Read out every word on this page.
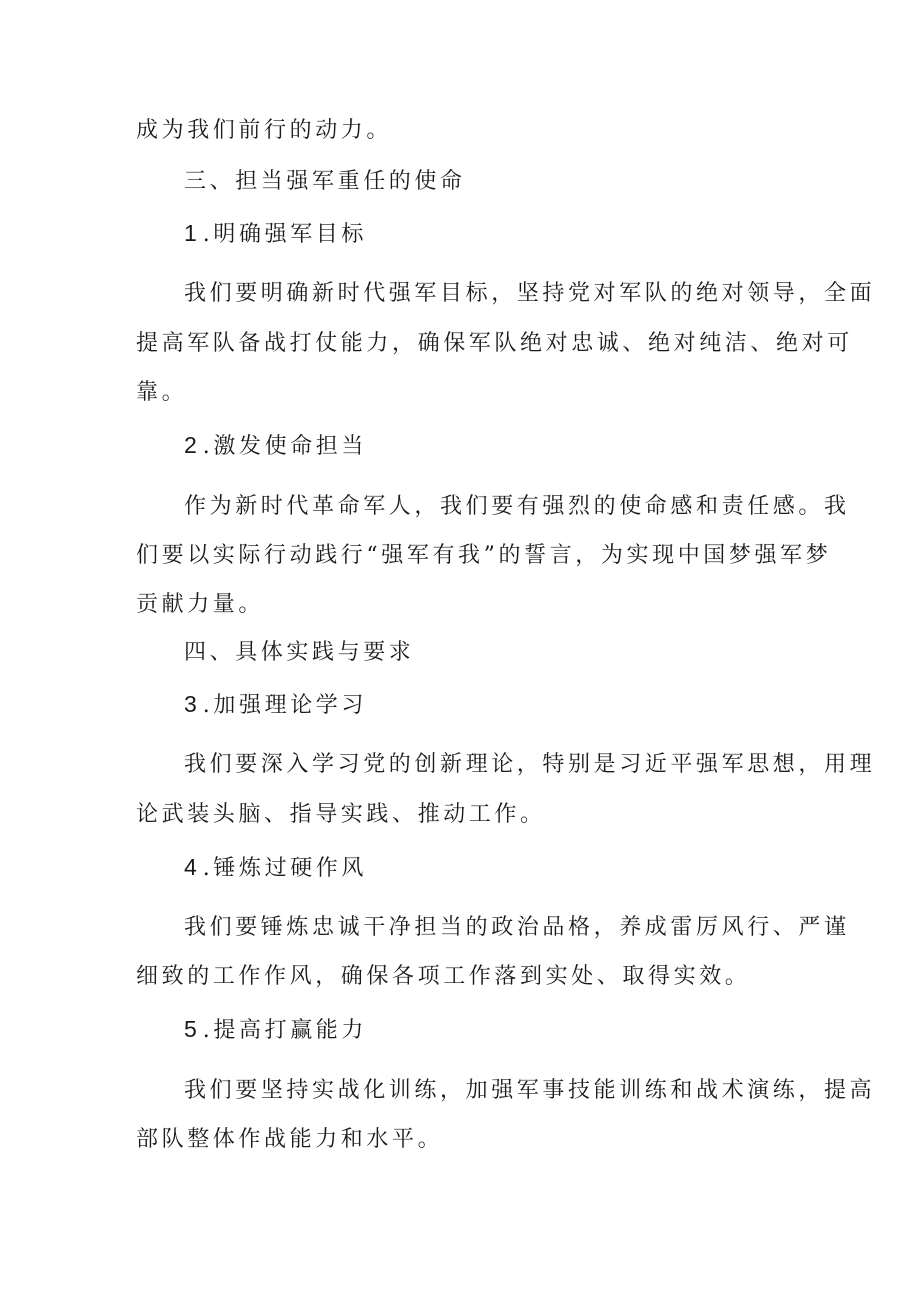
成为我们前行的动力。
三、担当强军重任的使命
1 .明确强军目标
我们要明确新时代强军目标，坚持党对军队的绝对领导，全面
提高军队备战打仗能力，确保军队绝对忠诚、绝对纯洁、绝对可
靠。
2 .激发使命担当
作为新时代革命军人，我们要有强烈的使命感和责任感。我
们要以实际行动践行“强军有我”的誓言，为实现中国梦强军梦
贡献力量。
四、具体实践与要求
3 .加强理论学习
我们要深入学习党的创新理论，特别是习近平强军思想，用理
论武装头脑、指导实践、推动工作。
4 .锤炼过硬作风
我们要锤炼忠诚干净担当的政治品格，养成雷厉风行、严谨
细致的工作作风，确保各项工作落到实处、取得实效。
5 .提高打赢能力
我们要坚持实战化训练，加强军事技能训练和战术演练，提高
部队整体作战能力和水平。
